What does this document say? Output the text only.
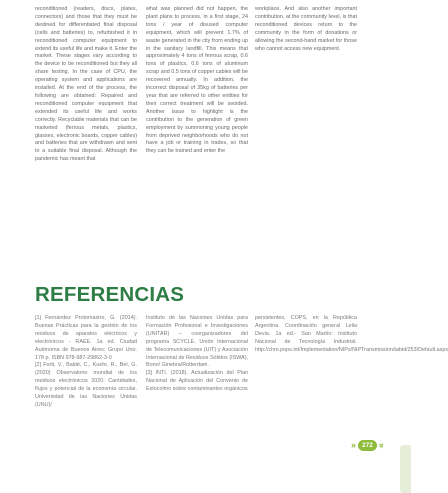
reconditioned (readers, discs, plates, connectors) and those that they must be destined for differentiated final disposal (cells and batteries) to, refurbished it in reconditioned computer equipment to extend its useful life and make it. Enter the market. These stages vary according to the device to be reconditioned but they all share testing. In the case of CPU, the operating system and applications are installed. At the end of the process, the following are obtained: Repaired and reconditioned computer equipment that extended its useful life and works correctly. Recyclable materials that can be marketed (ferrous metals, plastics, glasses, electronic boards, copper cables) and batteries that are withdrawn and sent to a suitable final disposal. Although the pandemic has meant that
what was planned did not happen, the plant plans to process, in a first stage, 24 tons / year of disused computer equipment, which will prevent 1.7% of waste generated in the city from ending up in the sanitary landfill. This means that approximately 4 tons of ferrous scrap, 0.6 tons of plastics, 0.6 tons of aluminum scrap and 0.5 tons of copper cables will be recovered annually. In addition, the incorrect disposal of 35kg of batteries per year that are referred to other entities for their correct treatment will be avoided. Another issue to highlight is the contribution to the generation of green employment by summoning young people from deprived neighborhoods who do not have a job or training in trades, so that they can be trained and enter the
workplace. And also another important contribution, at the community level, is that reconditioned devices return to the community in the form of donations or allowing the second-hand market for those who cannot access new equipment.
REFERENCIAS
[1] Fernández Protomastro, G. (2014). Buenas Prácticas para la gestión de los residuos de aparatos eléctricos y electrónicos - RAEE. 1a ed. Ciudad Autónoma de Buenos Aires: Grupo Uno. 178 p. ISBN 978-987-29862-3-0
[2] Forti, V., Baldé, C., Kuehr, R., Bel, G. (2020) Observatorio mundial de los residuos electrónicos 2020: Cantidades, flujos y potencial de la economía circular. Universidad de las Naciones Unidas (UNU)/
Instituto de las Naciones Unidas para Formación Profesional e Investigaciones (UNITAR) – coorganizadores del programa SCYCLE, Unión Internacional de Telecomunicaciones (UIT) y Asociación Internacional de Residuos Sólidos (ISWA), Bonn/ Ginebra/Rotterdam.
[3] INTI. (2018). Actualización del Plan Nacional de Aplicación del Convenio de Estocolmo sobre contaminantes orgánicos
persistentes, COPS, en la República Argentina. Coordinación general Lelia Devia. 1a ed.- San Martín: Instituto Nacional de Tecnología Industrial. http://chm.pops.int/Implementation/NIPs/NIPTransmission/tabid/253/Default.aspx
» 272 »
